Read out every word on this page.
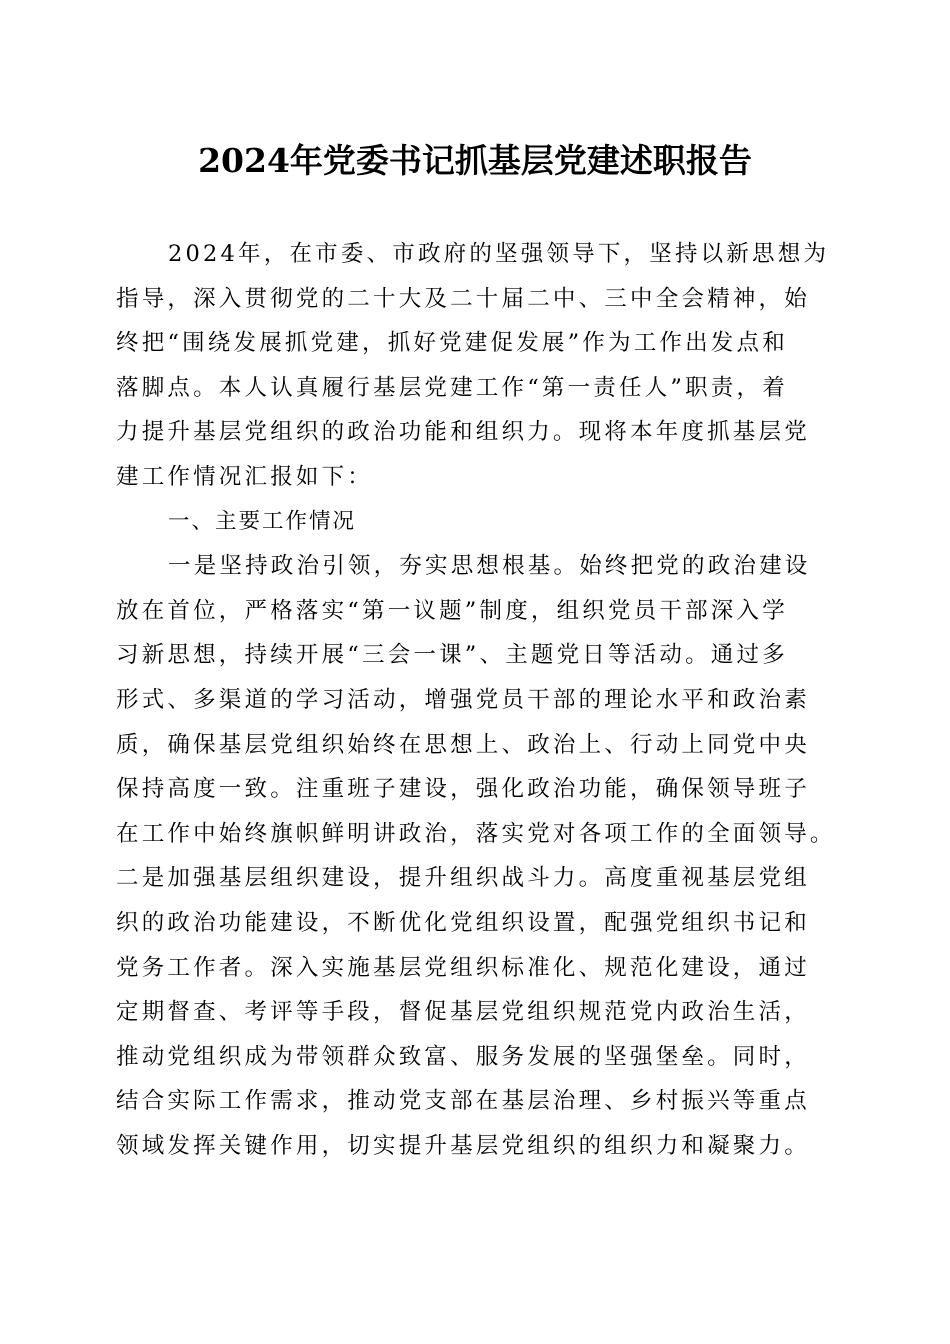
2024年党委书记抓基层党建述职报告
2024年，在市委、市政府的坚强领导下，坚持以新思想为
指导，深入贯彻党的二十大及二十届二中、三中全会精神，始
终把“围绕发展抓党建，抓好党建促发展”作为工作出发点和
落脚点。本人认真履行基层党建工作“第一责任人”职责，着
力提升基层党组织的政治功能和组织力。现将本年度抓基层党
建工作情况汇报如下：
一、主要工作情况
一是坚持政治引领，夯实思想根基。始终把党的政治建设
放在首位，严格落实“第一议题”制度，组织党员干部深入学
习新思想，持续开展“三会一课”、主题党日等活动。通过多
形式、多渠道的学习活动，增强党员干部的理论水平和政治素
质，确保基层党组织始终在思想上、政治上、行动上同党中央
保持高度一致。注重班子建设，强化政治功能，确保领导班子
在工作中始终旗帜鲜明讲政治，落实党对各项工作的全面领导。
二是加强基层组织建设，提升组织战斗力。高度重视基层党组
织的政治功能建设，不断优化党组织设置，配强党组织书记和
党务工作者。深入实施基层党组织标准化、规范化建设，通过
定期督查、考评等手段，督促基层党组织规范党内政治生活，
推动党组织成为带领群众致富、服务发展的坚强堡垒。同时，
结合实际工作需求，推动党支部在基层治理、乡村振兴等重点
领域发挥关键作用，切实提升基层党组织的组织力和凝聚力。
